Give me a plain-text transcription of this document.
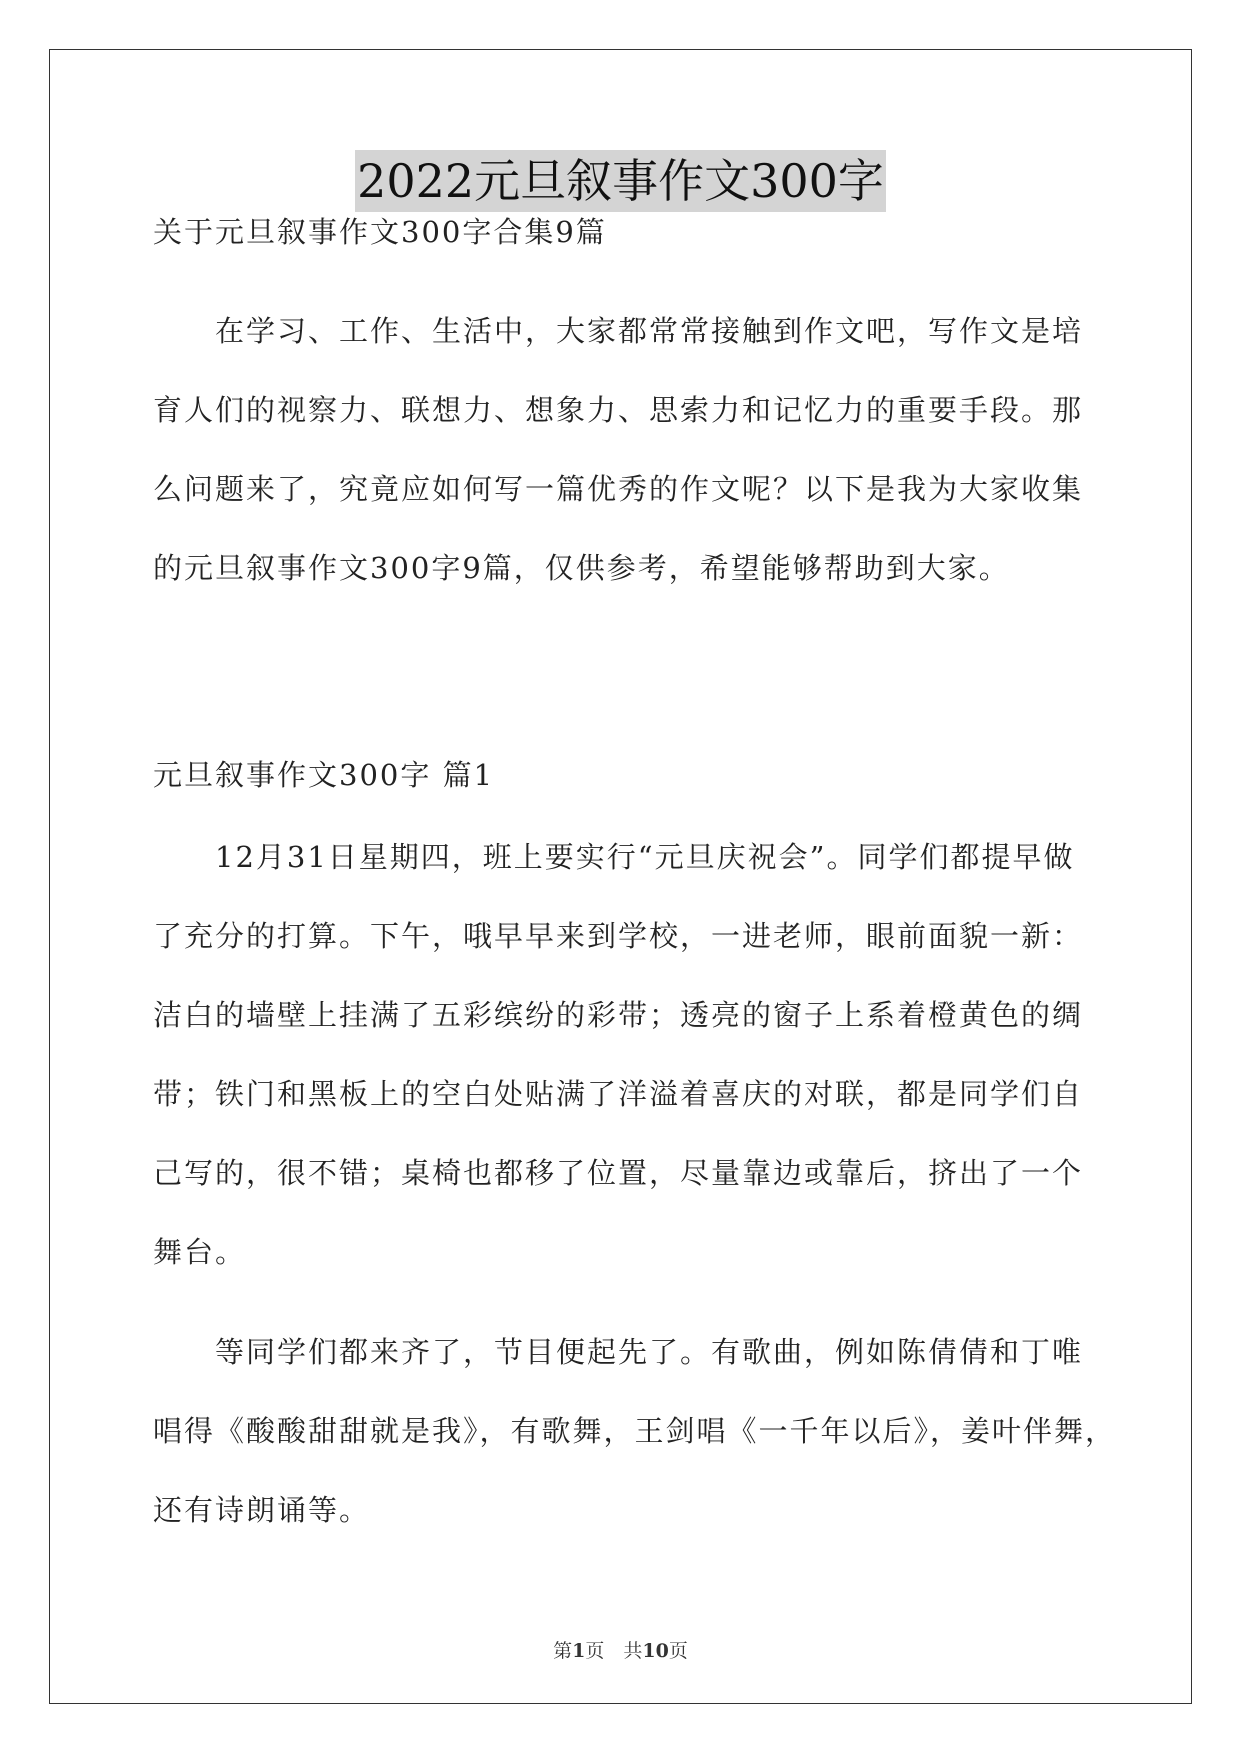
2022元旦叙事作文300字
关于元旦叙事作文300字合集9篇
在学习、工作、生活中，大家都常常接触到作文吧，写作文是培
育人们的视察力、联想力、想象力、思索力和记忆力的重要手段。那
么问题来了，究竟应如何写一篇优秀的作文呢？以下是我为大家收集
的元旦叙事作文300字9篇，仅供参考，希望能够帮助到大家。
元旦叙事作文300字 篇1
12月31日星期四，班上要实行“元旦庆祝会”。同学们都提早做
了充分的打算。下午，哦早早来到学校，一进老师，眼前面貌一新：
洁白的墙壁上挂满了五彩缤纷的彩带；透亮的窗子上系着橙黄色的绸
带；铁门和黑板上的空白处贴满了洋溢着喜庆的对联，都是同学们自
己写的，很不错；桌椅也都移了位置，尽量靠边或靠后，挤出了一个
舞台。
等同学们都来齐了，节目便起先了。有歌曲，例如陈倩倩和丁唯
唱得《酸酸甜甜就是我》，有歌舞，王剑唱《一千年以后》，姜叶伴舞，
还有诗朗诵等。
第1页　共10页
